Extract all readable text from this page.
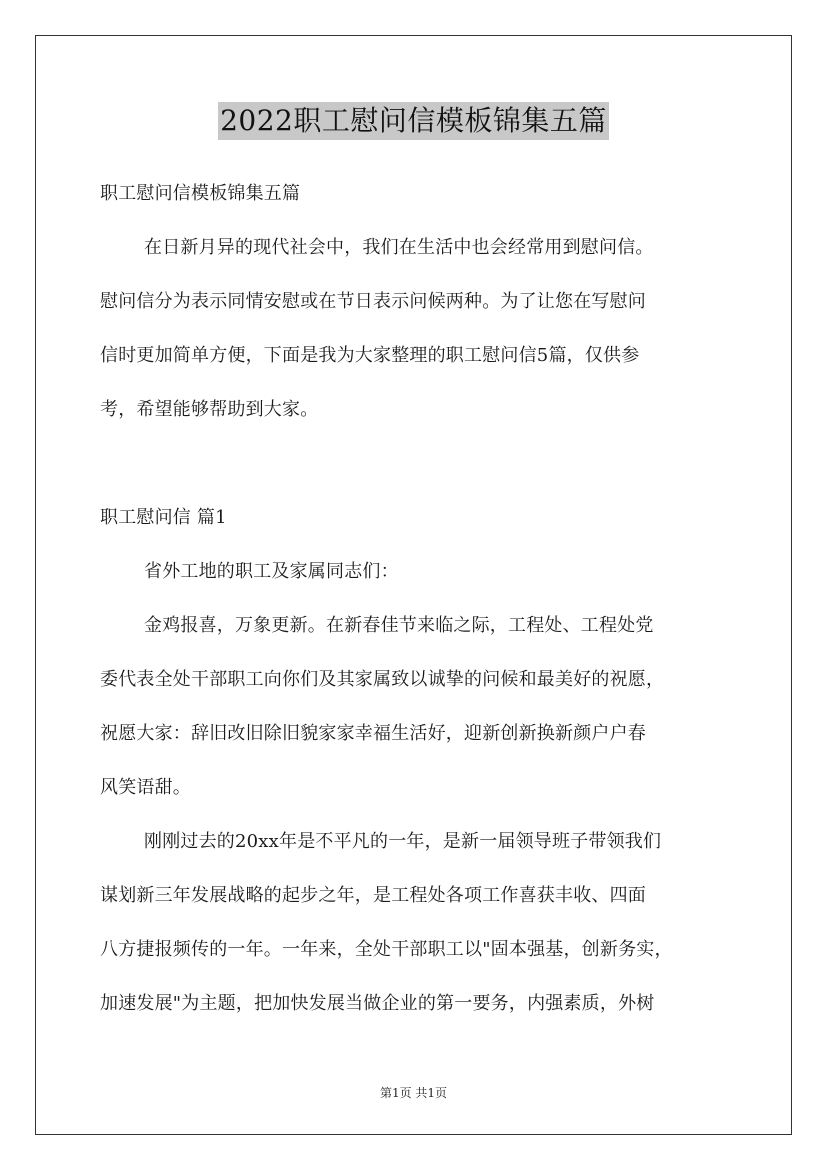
2022职工慰问信模板锦集五篇
职工慰问信模板锦集五篇
在日新月异的现代社会中，我们在生活中也会经常用到慰问信。
慰问信分为表示同情安慰或在节日表示问候两种。为了让您在写慰问
信时更加简单方便，下面是我为大家整理的职工慰问信5篇，仅供参
考，希望能够帮助到大家。
职工慰问信 篇1
省外工地的职工及家属同志们：
金鸡报喜，万象更新。在新春佳节来临之际，工程处、工程处党
委代表全处干部职工向你们及其家属致以诚挚的问候和最美好的祝愿，
祝愿大家：辞旧改旧除旧貌家家幸福生活好，迎新创新换新颜户户春
风笑语甜。
刚刚过去的20xx年是不平凡的一年，是新一届领导班子带领我们
谋划新三年发展战略的起步之年，是工程处各项工作喜获丰收、四面
八方捷报频传的一年。一年来，全处干部职工以"固本强基，创新务实，
加速发展"为主题，把加快发展当做企业的第一要务，内强素质，外树
第1页 共1页
